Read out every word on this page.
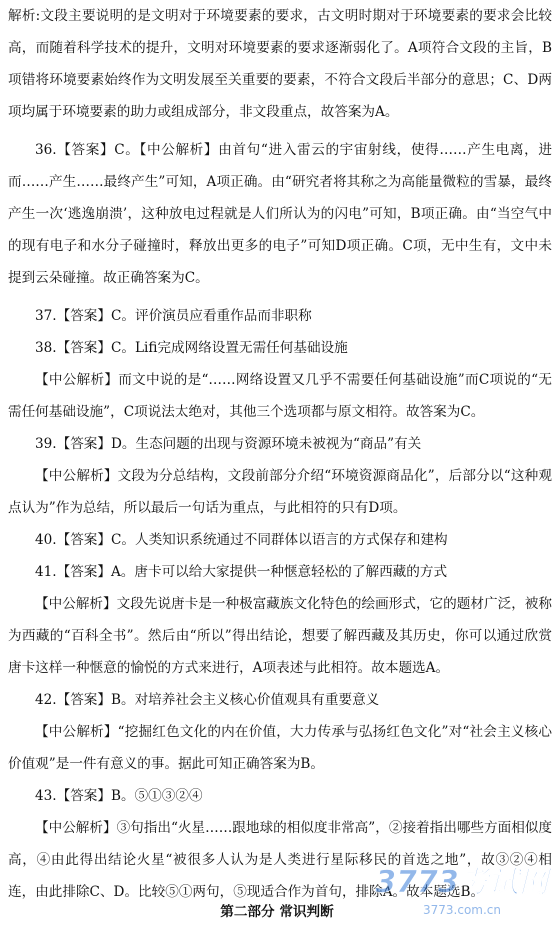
解析:文段主要说明的是文明对于环境要素的要求，古文明时期对于环境要素的要求会比较高，而随着科学技术的提升，文明对环境要素的要求逐渐弱化了。A项符合文段的主旨，B项错将环境要素始终作为文明发展至关重要的要素，不符合文段后半部分的意思；C、D两项均属于环境要素的助力或组成部分，非文段重点，故答案为A。

36.【答案】C。【中公解析】由首句“进入雷云的宇宙射线，使得……产生电离，进而……产生……最终产生”可知，A项正确。由“研究者将其称之为高能量微粒的雪暴，最终产生一次‘逃逸崩溃’，这种放电过程就是人们所认为的闪电”可知，B项正确。由“当空气中的现有电子和水分子碰撞时，释放出更多的电子”可知D项正确。C项，无中生有，文中未提到云朵碰撞。故正确答案为C。

37.【答案】C。评价演员应看重作品而非职称

38.【答案】C。Lifi完成网络设置无需任何基础设施

【中公解析】而文中说的是“……网络设置又几乎不需要任何基础设施”而C项说的“无需任何基础设施”，C项说法太绝对，其他三个选项都与原文相符。故答案为C。

39.【答案】D。生态问题的出现与资源环境未被视为“商品”有关

【中公解析】文段为分总结构，文段前部分介绍“环境资源商品化”，后部分以“这种观点认为”作为总结，所以最后一句话为重点，与此相符的只有D项。

40.【答案】C。人类知识系统通过不同群体以语言的方式保存和建构

41.【答案】A。唐卡可以给大家提供一种惬意轻松的了解西藏的方式

【中公解析】文段先说唐卡是一种极富藏族文化特色的绘画形式，它的题材广泛，被称为西藏的“百科全书”。然后由“所以”得出结论，想要了解西藏及其历史，你可以通过欣赏唐卡这样一种惬意的愉悦的方式来进行，A项表述与此相符。故本题选A。

42.【答案】B。对培养社会主义核心价值观具有重要意义

【中公解析】“挖掘红色文化的内在价值，大力传承与弘扬红色文化”对“社会主义核心价值观”是一件有意义的事。据此可知正确答案为B。

43.【答案】B。⑤①③②④

【中公解析】③句指出“火星……跟地球的相似度非常高”，②接着指出哪些方面相似度高，④由此得出结论火星“被很多人认为是人类进行星际移民的首选之地”，故③②④相连，由此排除C、D。比较⑤①两句，⑤现适合作为首句，排除A。故本题选B。

3773考试网
3773.com.cn
第二部分 常识判断
